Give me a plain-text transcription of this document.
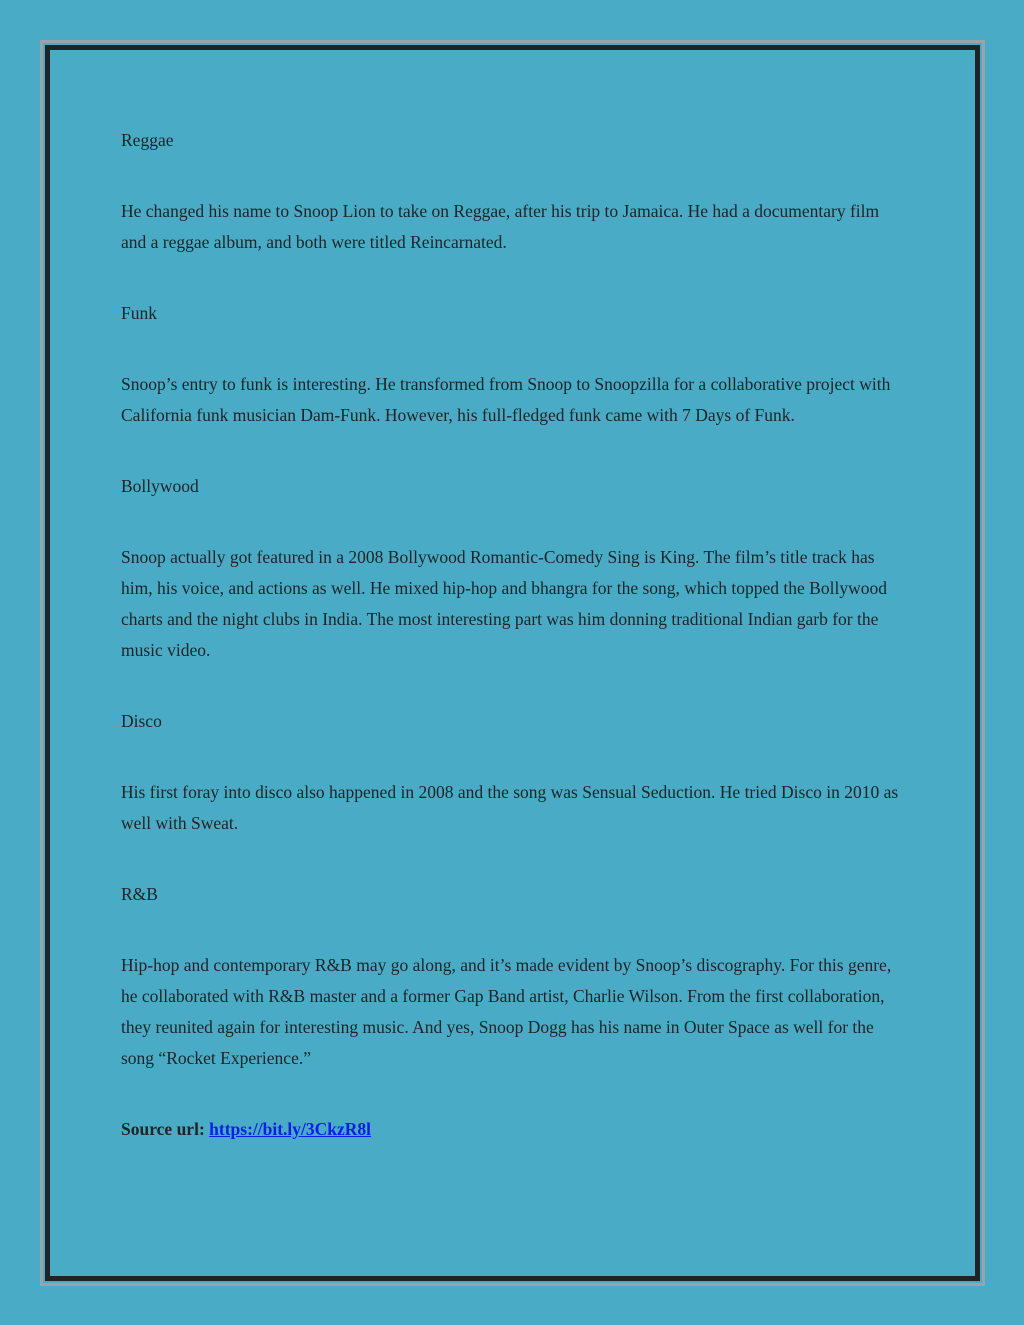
Reggae

He changed his name to Snoop Lion to take on Reggae, after his trip to Jamaica. He had a documentary film and a reggae album, and both were titled Reincarnated.

Funk

Snoop’s entry to funk is interesting. He transformed from Snoop to Snoopzilla for a collaborative project with California funk musician Dam-Funk. However, his full-fledged funk came with 7 Days of Funk.

Bollywood

Snoop actually got featured in a 2008 Bollywood Romantic-Comedy Sing is King. The film’s title track has him, his voice, and actions as well. He mixed hip-hop and bhangra for the song, which topped the Bollywood charts and the night clubs in India. The most interesting part was him donning traditional Indian garb for the music video.

Disco

His first foray into disco also happened in 2008 and the song was Sensual Seduction. He tried Disco in 2010 as well with Sweat.

R&B

Hip-hop and contemporary R&B may go along, and it’s made evident by Snoop’s discography. For this genre, he collaborated with R&B master and a former Gap Band artist, Charlie Wilson. From the first collaboration, they reunited again for interesting music. And yes, Snoop Dogg has his name in Outer Space as well for the song “Rocket Experience.”

Source url: https://bit.ly/3CkzR8l
